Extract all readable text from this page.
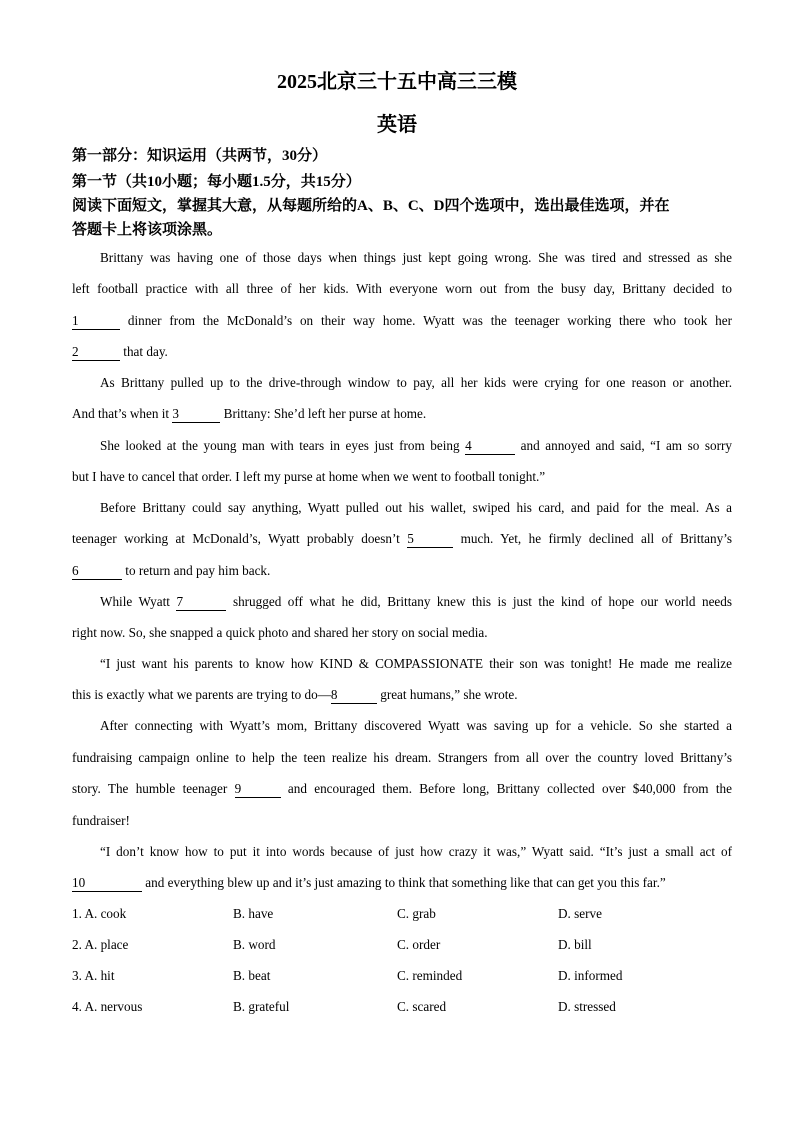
2025北京三十五中高三三模
英语
第一部分：知识运用（共两节，30分）
第一节（共10小题；每小题1.5分，共15分）
阅读下面短文，掌握其大意，从每题所给的A、B、C、D四个选项中，选出最佳选项，并在
答题卡上将该项涂黑。
Brittany was having one of those days when things just kept going wrong. She was tired and stressed as she
left football practice with all three of her kids. With everyone worn out from the busy day, Brittany decided to
1	dinner from the McDonald’s on their way home. Wyatt was the teenager working there who took her
2	that day.
As Brittany pulled up to the drive-through window to pay, all her kids were crying for one reason or another.
And that’s when it 3	Brittany: She’d left her purse at home.
She looked at the young man with tears in eyes just from being 4	and annoyed and said, “I am so sorry
but I have to cancel that order. I left my purse at home when we went to football tonight.”
Before Brittany could say anything, Wyatt pulled out his wallet, swiped his card, and paid for the meal. As a
teenager working at McDonald’s, Wyatt probably doesn’t 5	much. Yet, he firmly declined all of Brittany’s
6	to return and pay him back.
While Wyatt 7	shrugged off what he did, Brittany knew this is just the kind of hope our world needs
right now. So, she snapped a quick photo and shared her story on social media.
“I just want his parents to know how KIND & COMPASSIONATE their son was tonight! He made me realize
this is exactly what we parents are trying to do—8	great humans,” she wrote.
After connecting with Wyatt’s mom, Brittany discovered Wyatt was saving up for a vehicle. So she started a
fundraising campaign online to help the teen realize his dream. Strangers from all over the country loved Brittany’s
story. The humble teenager 9	and encouraged them. Before long, Brittany collected over $40,000 from the
fundraiser!
“I don’t know how to put it into words because of just how crazy it was,” Wyatt said. “It’s just a small act of
10	and everything blew up and it’s just amazing to think that something like that can get you this far.”
1. A. cook	B. have	C. grab	D. serve
2. A. place	B. word	C. order	D. bill
3. A. hit	B. beat	C. reminded	D. informed
4. A. nervous	B. grateful	C. scared	D. stressed
